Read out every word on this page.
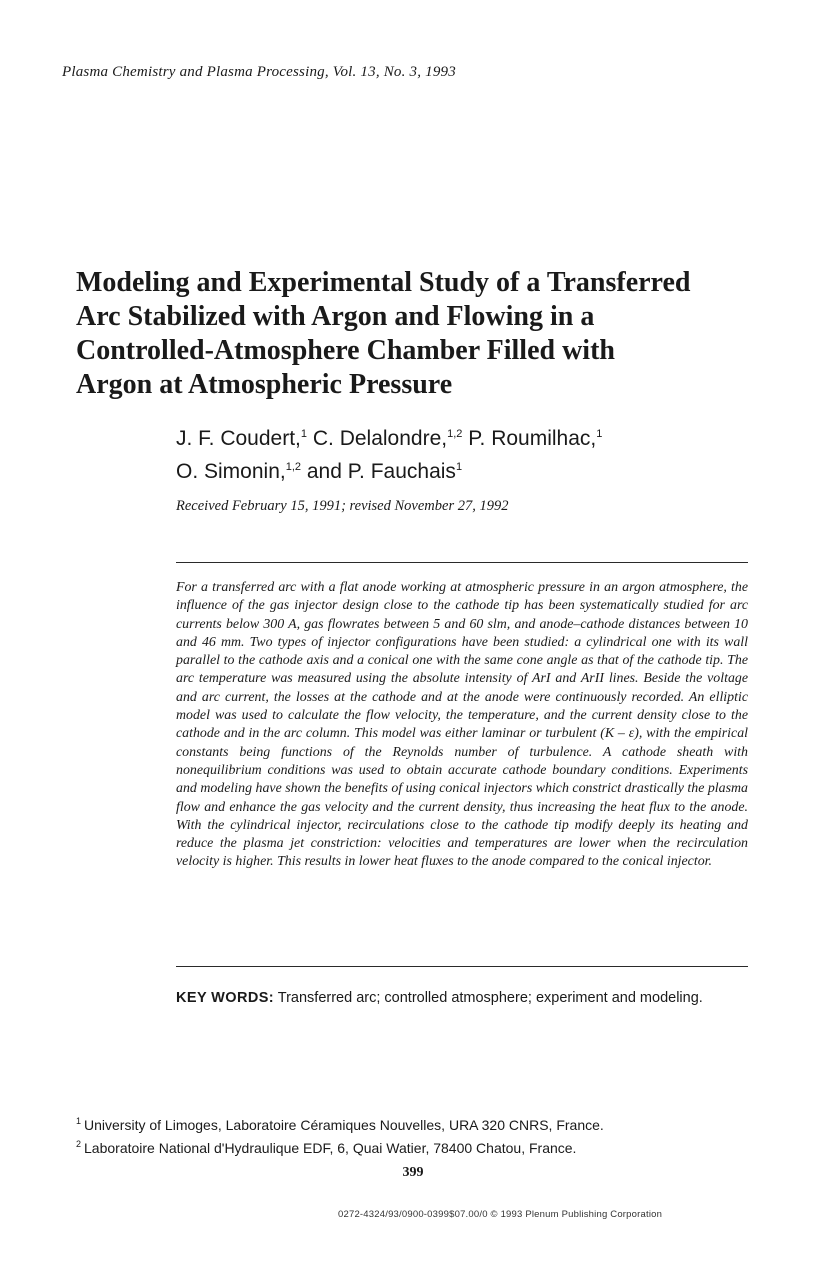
Plasma Chemistry and Plasma Processing, Vol. 13, No. 3, 1993
Modeling and Experimental Study of a Transferred
Arc Stabilized with Argon and Flowing in a
Controlled-Atmosphere Chamber Filled with
Argon at Atmospheric Pressure
J. F. Coudert,$^1$ C. Delalondre,$^{1,2}$ P. Roumilhac,$^1$
O. Simonin,$^{1,2}$ and P. Fauchais$^1$
Received February 15, 1991; revised November 27, 1992

For a transferred arc with a flat anode working at atmospheric pressure in an argon atmosphere, the influence of the gas injector design close to the cathode tip has been systematically studied for arc currents below 300 A, gas flowrates between 5 and 60 slm, and anode–cathode distances between 10 and 46 mm. Two types of injector configurations have been studied: a cylindrical one with its wall parallel to the cathode axis and a conical one with the same cone angle as that of the cathode tip. The arc temperature was measured using the absolute intensity of ArI and ArII lines. Beside the voltage and arc current, the losses at the cathode and at the anode were continuously recorded. An elliptic model was used to calculate the flow velocity, the temperature, and the current density close to the cathode and in the arc column. This model was either laminar or turbulent (K – ε), with the empirical constants being functions of the Reynolds number of turbulence. A cathode sheath with nonequilibrium conditions was used to obtain accurate cathode boundary conditions. Experiments and modeling have shown the benefits of using conical injectors which constrict drastically the plasma flow and enhance the gas velocity and the current density, thus increasing the heat flux to the anode. With the cylindrical injector, recirculations close to the cathode tip modify deeply its heating and reduce the plasma jet constriction: velocities and temperatures are lower when the recirculation velocity is higher. This results in lower heat fluxes to the anode compared to the conical injector.

KEY WORDS: Transferred arc; controlled atmosphere; experiment and modeling.
$^1$ University of Limoges, Laboratoire Céramiques Nouvelles, URA 320 CNRS, France.
$^2$ Laboratoire National d'Hydraulique EDF, 6, Quai Watier, 78400 Chatou, France.
399
0272-4324/93/0900-0399$07.00/0 © 1993 Plenum Publishing Corporation
